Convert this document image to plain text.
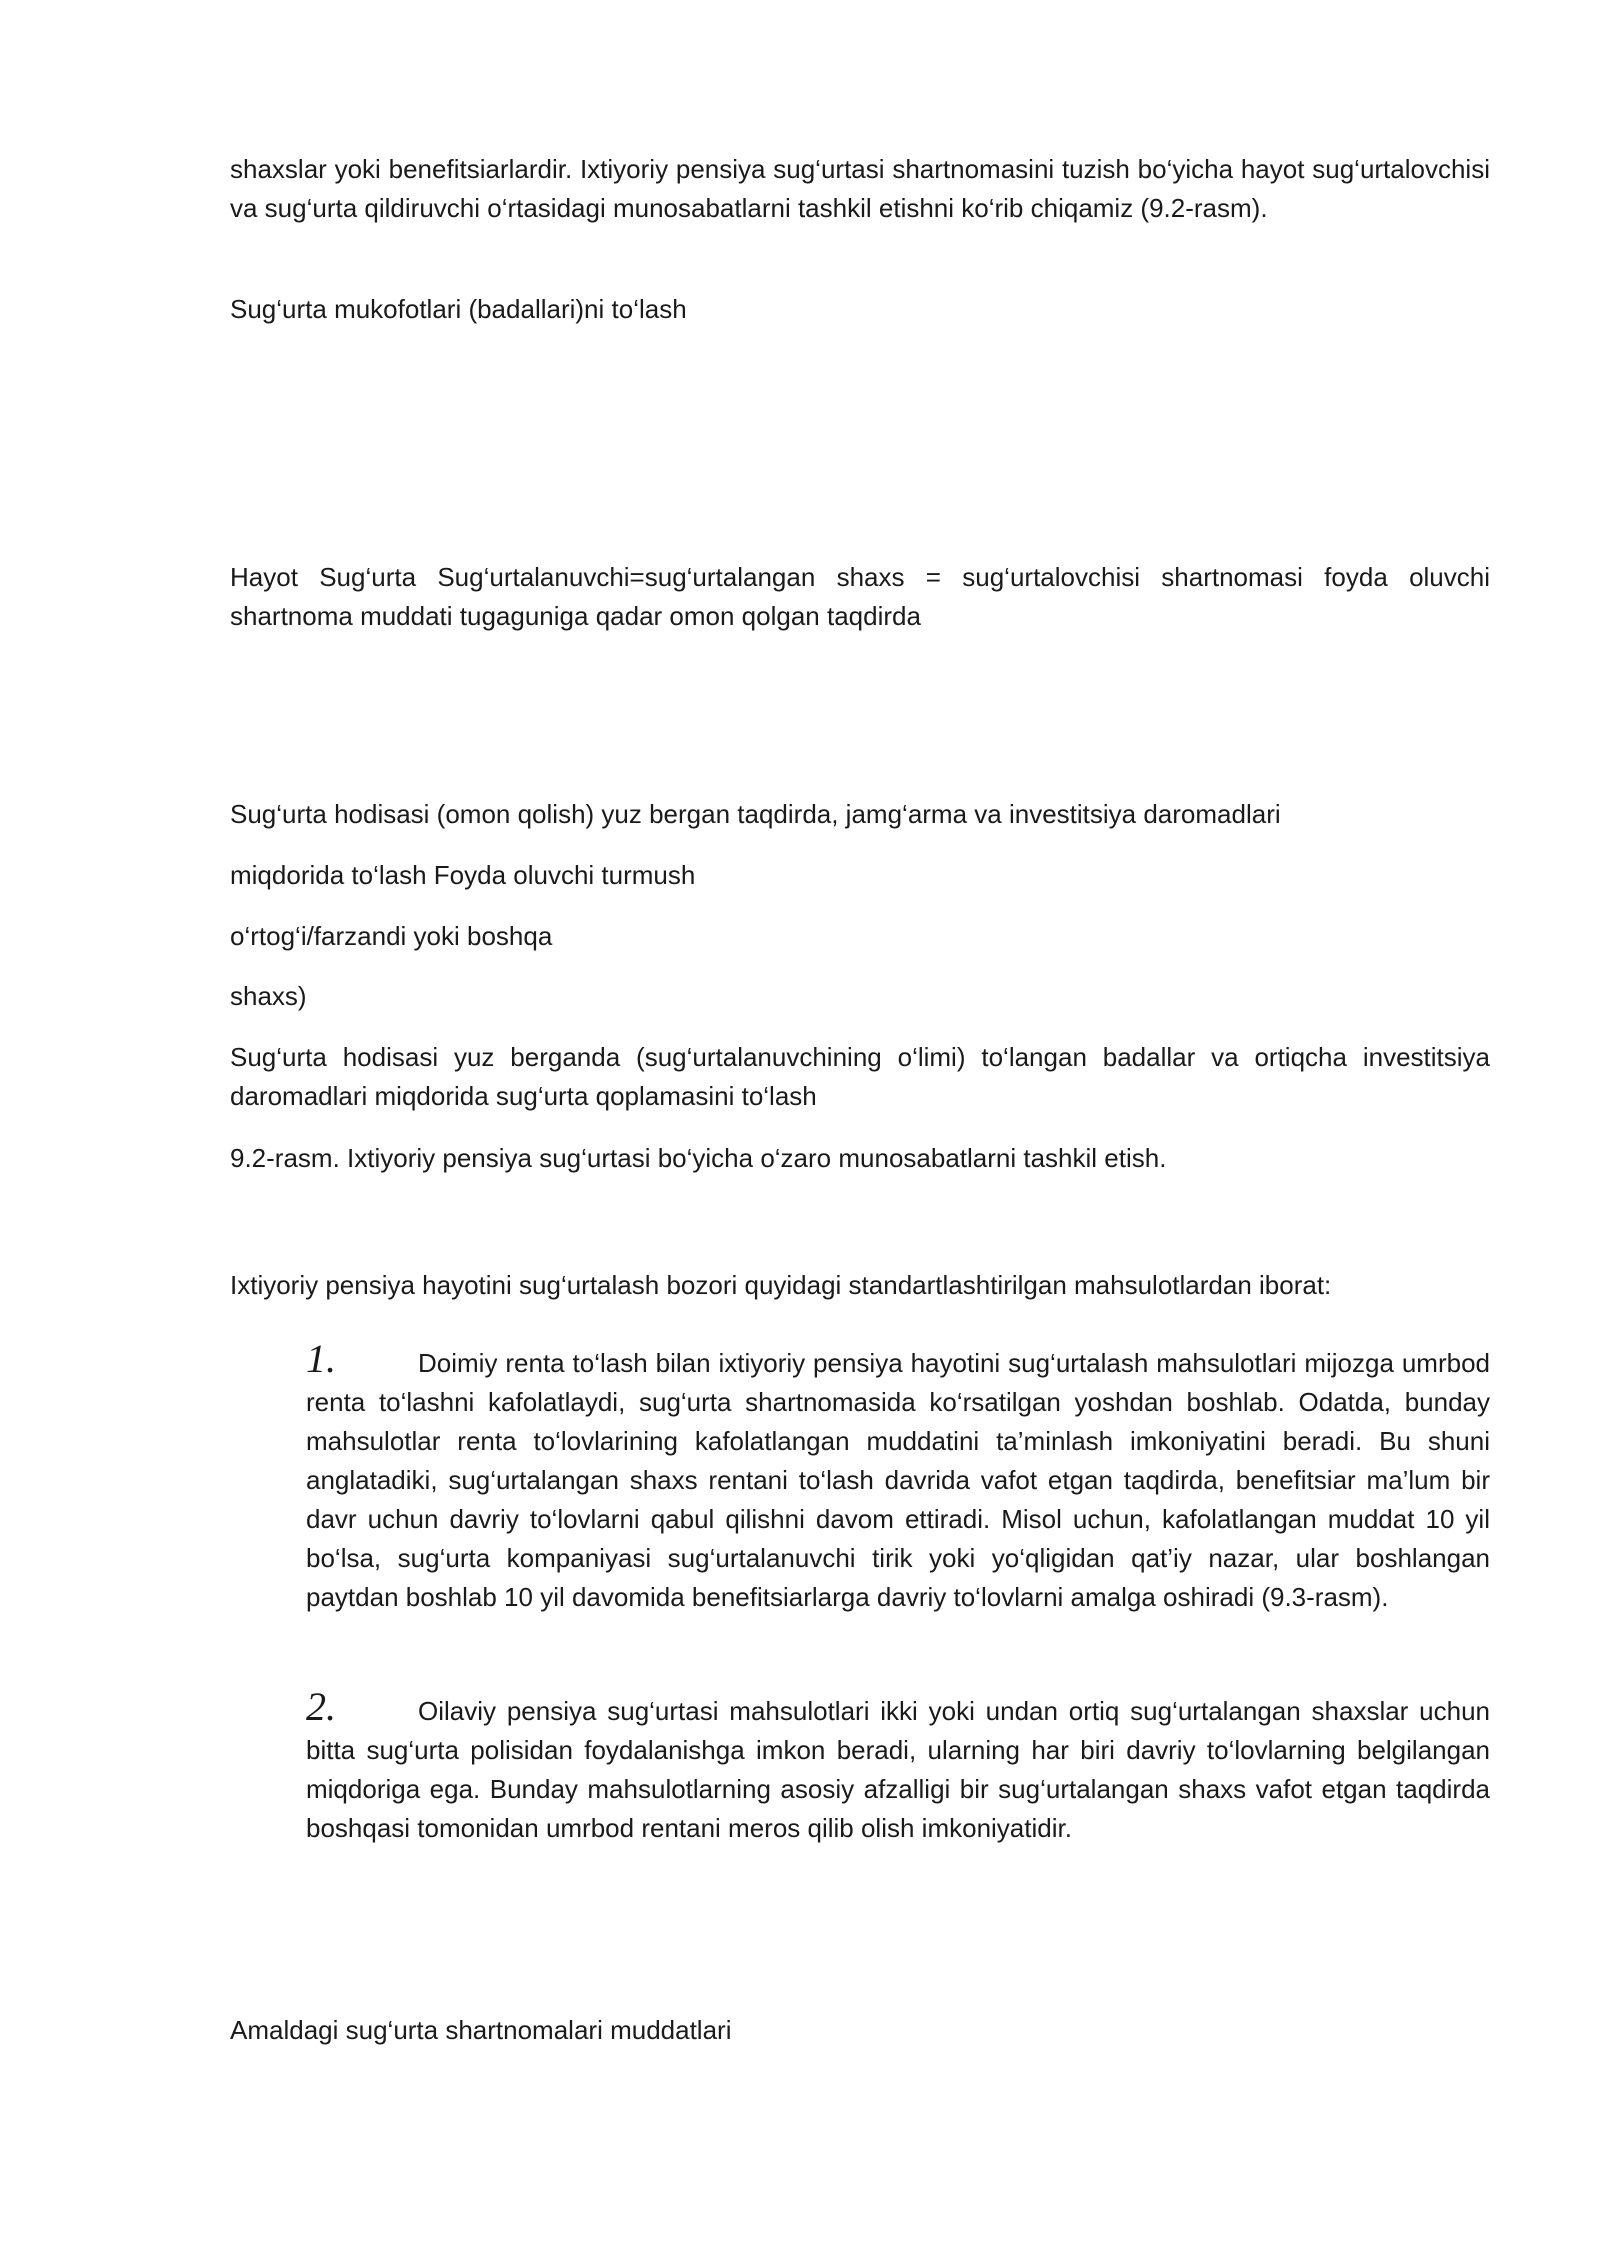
shaxslar yoki benefitsiarlardir. Ixtiyoriy pensiya sug‘urtasi shartnomasini tuzish bo‘yicha hayot sug‘urtalovchisi va sug‘urta qildiruvchi o‘rtasidagi munosabatlarni tashkil etishni ko‘rib chiqamiz (9.2-rasm).

Sug‘urta mukofotlari (badallari)ni to‘lash

Hayot Sug‘urta Sug‘urtalanuvchi=sug‘urtalangan shaxs = sug‘urtalovchisi shartnomasi foyda oluvchi shartnoma muddati tugaguniga qadar omon qolgan taqdirda

Sug‘urta hodisasi (omon qolish) yuz bergan taqdirda, jamg‘arma va investitsiya daromadlari

miqdorida to‘lash Foyda oluvchi turmush

o‘rtog‘i/farzandi yoki boshqa

shaxs)

Sug‘urta hodisasi yuz berganda (sug‘urtalanuvchining o‘limi) to‘langan badallar va ortiqcha investitsiya daromadlari miqdorida sug‘urta qoplamasini to‘lash

9.2-rasm. Ixtiyoriy pensiya sug‘urtasi bo‘yicha o‘zaro munosabatlarni tashkil etish.

Ixtiyoriy pensiya hayotini sug‘urtalash bozori quyidagi standartlashtirilgan mahsulotlardan iborat:

1.	Doimiy renta to‘lash bilan ixtiyoriy pensiya hayotini sug‘urtalash mahsulotlari mijozga umrbod renta to‘lashni kafolatlaydi, sug‘urta shartnomasida ko‘rsatilgan yoshdan boshlab. Odatda, bunday mahsulotlar renta to‘lovlarining kafolatlangan muddatini ta’minlash imkoniyatini beradi. Bu shuni anglatadiki, sug‘urtalangan shaxs rentani to‘lash davrida vafot etgan taqdirda, benefitsiar ma’lum bir davr uchun davriy to‘lovlarni qabul qilishni davom ettiradi. Misol uchun, kafolatlangan muddat 10 yil bo‘lsa, sug‘urta kompaniyasi sug‘urtalanuvchi tirik yoki yo‘qligidan qat’iy nazar, ular boshlangan paytdan boshlab 10 yil davomida benefitsiarlarga davriy to‘lovlarni amalga oshiradi (9.3-rasm).

2.	Oilaviy pensiya sug‘urtasi mahsulotlari ikki yoki undan ortiq sug‘urtalangan shaxslar uchun bitta sug‘urta polisidan foydalanishga imkon beradi, ularning har biri davriy to‘lovlarning belgilangan miqdoriga ega. Bunday mahsulotlarning asosiy afzalligi bir sug‘urtalangan shaxs vafot etgan taqdirda boshqasi tomonidan umrbod rentani meros qilib olish imkoniyatidir.

Amaldagi sug‘urta shartnomalari muddatlari
